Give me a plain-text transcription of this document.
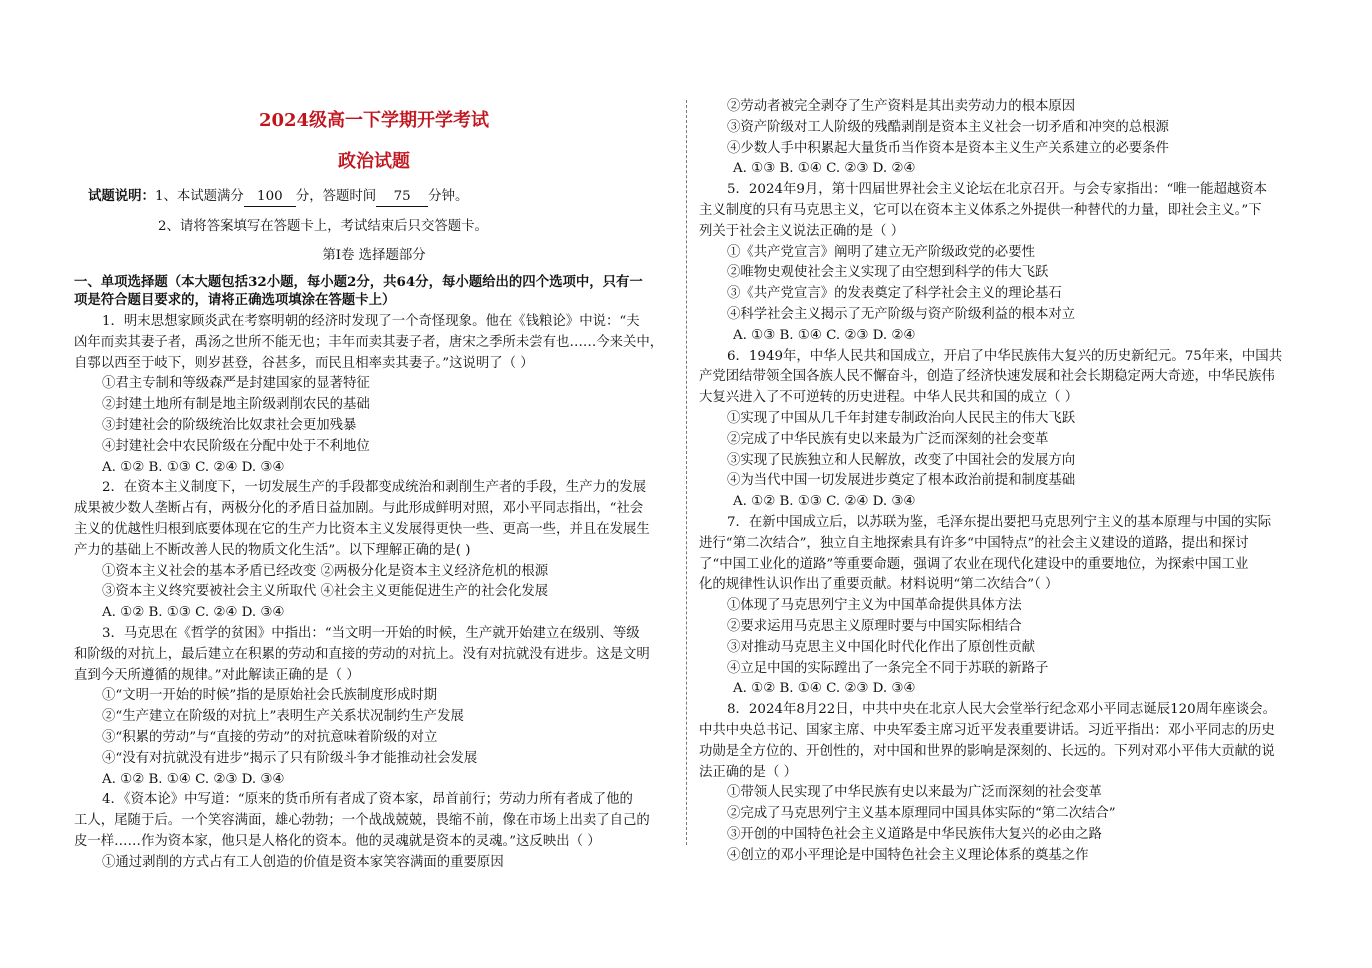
2024级高一下学期开学考试
政治试题
试题说明：1、本试题满分 100 分，答题时间 75 分钟。
2、请将答案填写在答题卡上，考试结束后只交答题卡。
第Ⅰ卷 选择题部分
一、单项选择题（本大题包括32小题，每小题2分，共64分，每小题给出的四个选项中，只有一
项是符合题目要求的，请将正确选项填涂在答题卡上）
1．明末思想家顾炎武在考察明朝的经济时发现了一个奇怪现象。他在《钱粮论》中说：“夫
凶年而卖其妻子者，禹汤之世所不能无也；丰年而卖其妻子者，唐宋之季所未尝有也……今来关中，
自鄠以西至于岐下，则岁甚登，谷甚多，而民且相率卖其妻子。”这说明了（ ）
①君主专制和等级森严是封建国家的显著特征
②封建土地所有制是地主阶级剥削农民的基础
③封建社会的阶级统治比奴隶社会更加残暴
④封建社会中农民阶级在分配中处于不利地位
A. ①② B. ①③ C. ②④ D. ③④
2．在资本主义制度下，一切发展生产的手段都变成统治和剥削生产者的手段，生产力的发展
成果被少数人垄断占有，两极分化的矛盾日益加剧。与此形成鲜明对照，邓小平同志指出，“社会
主义的优越性归根到底要体现在它的生产力比资本主义发展得更快一些、更高一些，并且在发展生
产力的基础上不断改善人民的物质文化生活”。以下理解正确的是( )
①资本主义社会的基本矛盾已经改变 ②两极分化是资本主义经济危机的根源
③资本主义终究要被社会主义所取代 ④社会主义更能促进生产的社会化发展
A. ①② B. ①③ C. ②④ D. ③④
3．马克思在《哲学的贫困》中指出：“当文明一开始的时候，生产就开始建立在级别、等级
和阶级的对抗上，最后建立在积累的劳动和直接的劳动的对抗上。没有对抗就没有进步。这是文明
直到今天所遵循的规律。”对此解读正确的是（ ）
①“文明一开始的时候”指的是原始社会氏族制度形成时期
②“生产建立在阶级的对抗上”表明生产关系状况制约生产发展
③“积累的劳动”与“直接的劳动”的对抗意味着阶级的对立
④“没有对抗就没有进步”揭示了只有阶级斗争才能推动社会发展
A. ①② B. ①④ C. ②③ D. ③④
4．《资本论》中写道：“原来的货币所有者成了资本家，昂首前行；劳动力所有者成了他的
工人，尾随于后。一个笑容满面，雄心勃勃；一个战战兢兢，畏缩不前，像在市场上出卖了自己的
皮一样……作为资本家，他只是人格化的资本。他的灵魂就是资本的灵魂。”这反映出（ ）
①通过剥削的方式占有工人创造的价值是资本家笑容满面的重要原因
②劳动者被完全剥夺了生产资料是其出卖劳动力的根本原因
③资产阶级对工人阶级的残酷剥削是资本主义社会一切矛盾和冲突的总根源
④少数人手中积累起大量货币当作资本是资本主义生产关系建立的必要条件
A. ①③ B. ①④ C. ②③ D. ②④
5．2024年9月，第十四届世界社会主义论坛在北京召开。与会专家指出：“唯一能超越资本
主义制度的只有马克思主义，它可以在资本主义体系之外提供一种替代的力量，即社会主义。”下
列关于社会主义说法正确的是（ ）
①《共产党宣言》阐明了建立无产阶级政党的必要性
②唯物史观使社会主义实现了由空想到科学的伟大飞跃
③《共产党宣言》的发表奠定了科学社会主义的理论基石
④科学社会主义揭示了无产阶级与资产阶级利益的根本对立
A. ①③ B. ①④ C. ②③ D. ②④
6．1949年，中华人民共和国成立，开启了中华民族伟大复兴的历史新纪元。75年来，中国共
产党团结带领全国各族人民不懈奋斗，创造了经济快速发展和社会长期稳定两大奇迹，中华民族伟
大复兴进入了不可逆转的历史进程。中华人民共和国的成立（ ）
①实现了中国从几千年封建专制政治向人民民主的伟大飞跃
②完成了中华民族有史以来最为广泛而深刻的社会变革
③实现了民族独立和人民解放，改变了中国社会的发展方向
④为当代中国一切发展进步奠定了根本政治前提和制度基础
A. ①② B. ①③ C. ②④ D. ③④
7．在新中国成立后，以苏联为鉴，毛泽东提出要把马克思列宁主义的基本原理与中国的实际
进行“第二次结合”，独立自主地探索具有许多“中国特点”的社会主义建设的道路，提出和探讨
了“中国工业化的道路”等重要命题，强调了农业在现代化建设中的重要地位，为探索中国工业
化的规律性认识作出了重要贡献。材料说明“第二次结合”（ ）
①体现了马克思列宁主义为中国革命提供具体方法
②要求运用马克思主义原理时要与中国实际相结合
③对推动马克思主义中国化时代化作出了原创性贡献
④立足中国的实际蹚出了一条完全不同于苏联的新路子
A. ①② B. ①④ C. ②③ D. ③④
8．2024年8月22日，中共中央在北京人民大会堂举行纪念邓小平同志诞辰120周年座谈会。
中共中央总书记、国家主席、中央军委主席习近平发表重要讲话。习近平指出：邓小平同志的历史
功勋是全方位的、开创性的，对中国和世界的影响是深刻的、长远的。下列对邓小平伟大贡献的说
法正确的是（ ）
①带领人民实现了中华民族有史以来最为广泛而深刻的社会变革
②完成了马克思列宁主义基本原理同中国具体实际的“第二次结合”
③开创的中国特色社会主义道路是中华民族伟大复兴的必由之路
④创立的邓小平理论是中国特色社会主义理论体系的奠基之作
